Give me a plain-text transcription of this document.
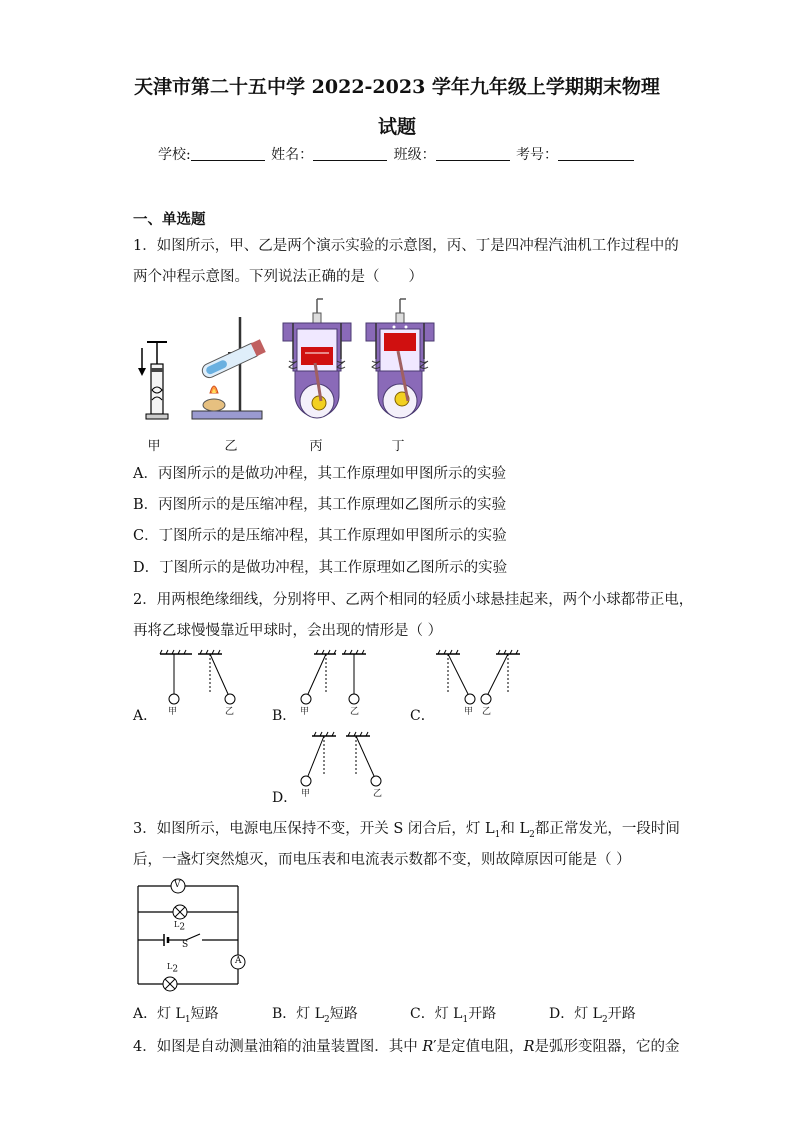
天津市第二十五中学 2022-2023 学年九年级上学期期末物理
试题
学校:	姓名：	班级：	考号：
一、单选题
1．如图所示，甲、乙是两个演示实验的示意图，丙、丁是四冲程汽油机工作过程中的
两个冲程示意图。下列说法正确的是（　　）
甲	乙	丙	丁
A．丙图所示的是做功冲程，其工作原理如甲图所示的实验
B．丙图所示的是压缩冲程，其工作原理如乙图所示的实验
C．丁图所示的是压缩冲程，其工作原理如甲图所示的实验
D．丁图所示的是做功冲程，其工作原理如乙图所示的实验
2．用两根绝缘细线，分别将甲、乙两个相同的轻质小球悬挂起来，两个小球都带正电，
再将乙球慢慢靠近甲球时，会出现的情形是（ ）
A． 甲	乙	B． 甲	乙	C．	甲 乙
D． 甲	乙
3．如图所示，电源电压保持不变，开关 S 闭合后，灯 $L_1$和 $L_2$都正常发光，一段时间
后，一盏灯突然熄灭，而电压表和电流表示数都不变，则故障原因可能是（ ）
V
A
$L_2$
S
$L_2$
A．灯 $L_1$短路	B．灯 $L_2$短路	C．灯 $L_1$开路	D．灯 $L_2$开路
4．如图是自动测量油箱的油量装置图．其中 R′是定值电阻，R是弧形变阻器，它的金
